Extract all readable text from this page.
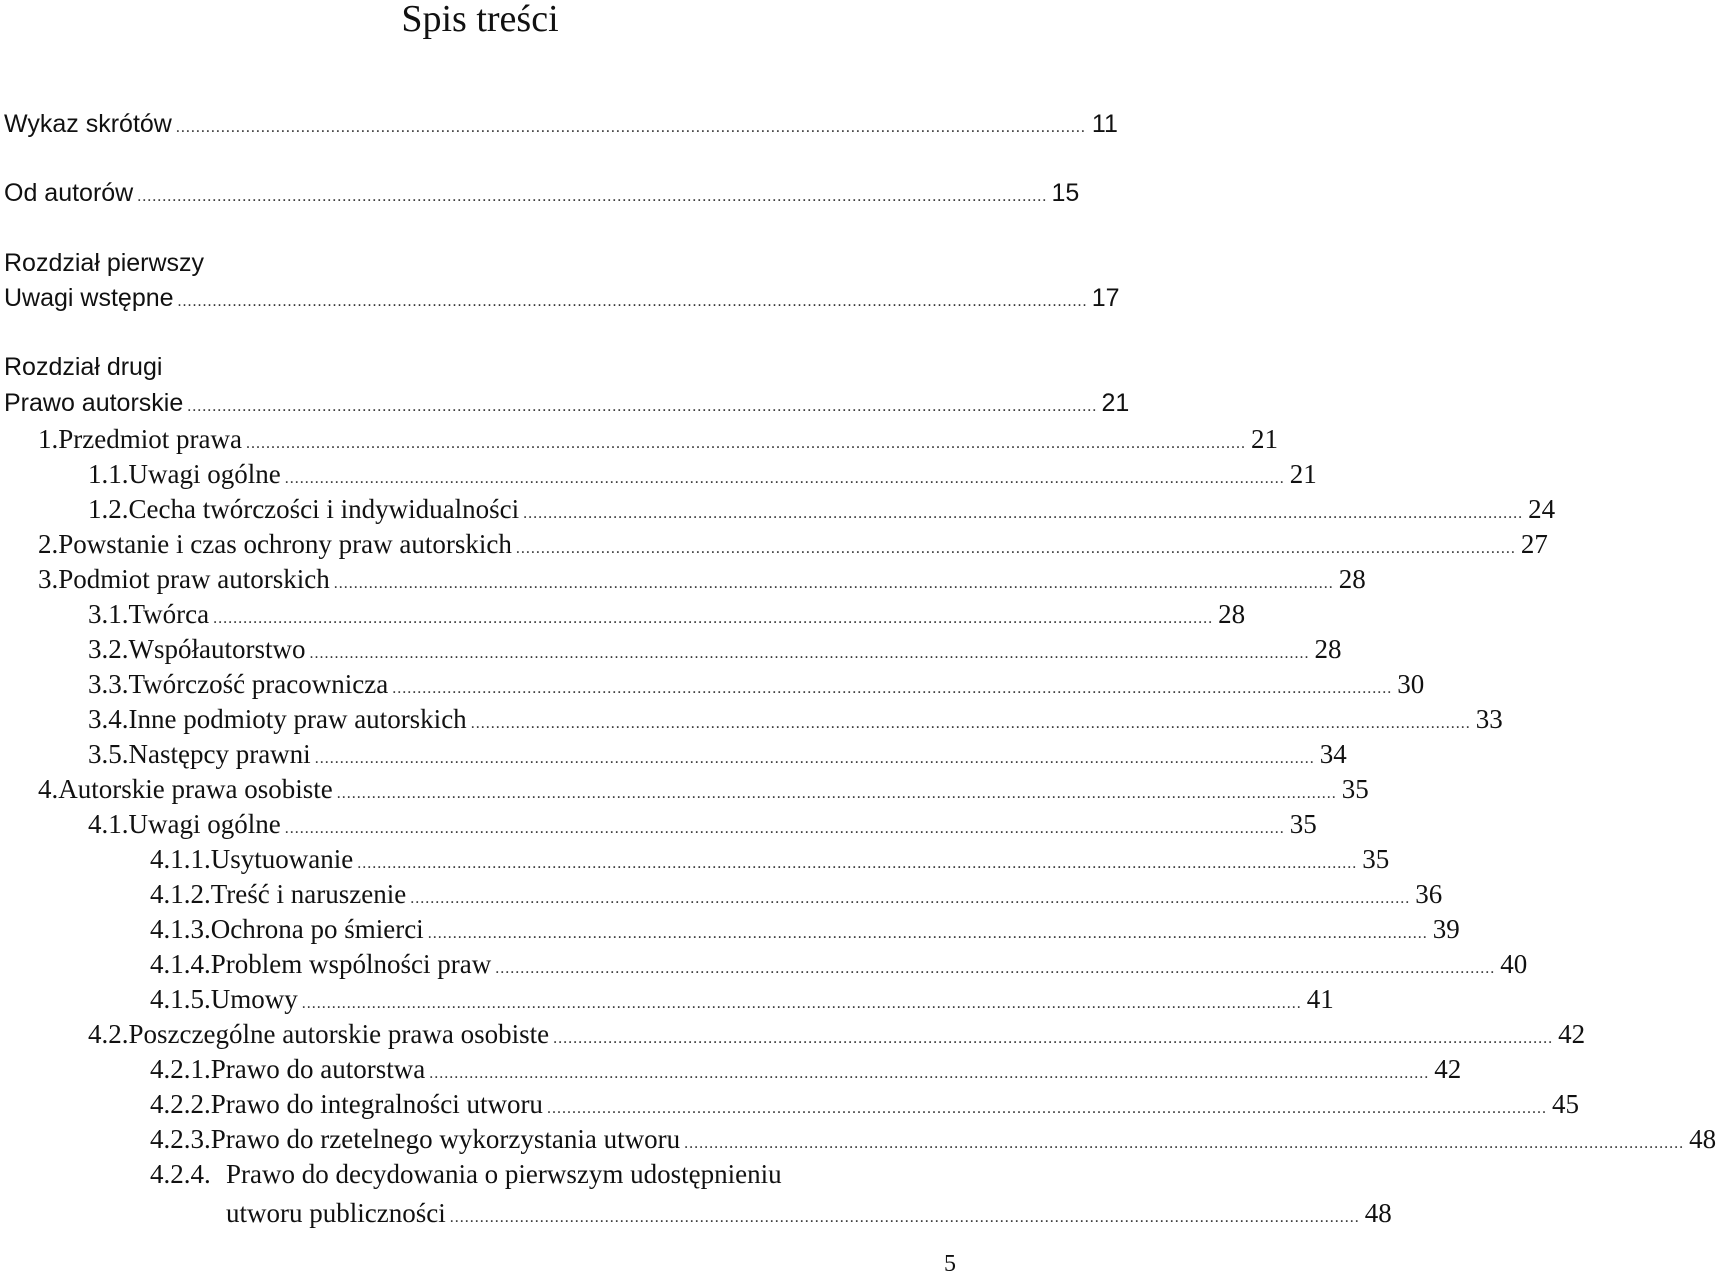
Spis treści
Wykaz skrótów ...................................................................................................................................................................................... 11
Od autorów ...................................................................................................................................................................................... 15
Rozdział pierwszy
Uwagi wstępne ...................................................................................................................................................................................... 17
Rozdział drugi
Prawo autorskie ...................................................................................................................................................................................... 21
1. Przedmiot prawa ........................................................................................................................................................................................................ 21
1.1. Uwagi ogólne ........................................................................................................................................................................................................ 21
1.2. Cecha twórczości i indywidualności ........................................................................................................................................................................................................ 24
2. Powstanie i czas ochrony praw autorskich ........................................................................................................................................................................................................ 27
3. Podmiot praw autorskich ........................................................................................................................................................................................................ 28
3.1. Twórca ........................................................................................................................................................................................................ 28
3.2. Współautorstwo ........................................................................................................................................................................................................ 28
3.3. Twórczość pracownicza ........................................................................................................................................................................................................ 30
3.4. Inne podmioty praw autorskich ........................................................................................................................................................................................................ 33
3.5. Następcy prawni ........................................................................................................................................................................................................ 34
4. Autorskie prawa osobiste ........................................................................................................................................................................................................ 35
4.1. Uwagi ogólne ........................................................................................................................................................................................................ 35
4.1.1. Usytuowanie ........................................................................................................................................................................................................ 35
4.1.2. Treść i naruszenie ........................................................................................................................................................................................................ 36
4.1.3. Ochrona po śmierci ........................................................................................................................................................................................................ 39
4.1.4. Problem wspólności praw ........................................................................................................................................................................................................ 40
4.1.5. Umowy ........................................................................................................................................................................................................ 41
4.2. Poszczególne autorskie prawa osobiste ........................................................................................................................................................................................................ 42
4.2.1. Prawo do autorstwa ........................................................................................................................................................................................................ 42
4.2.2. Prawo do integralności utworu ........................................................................................................................................................................................................ 45
4.2.3. Prawo do rzetelnego wykorzystania utworu ........................................................................................................................................................................................................ 48
4.2.4. Prawo do decydowania o pierwszym udostępnieniu
utworu publiczności ...................................................................................................................................................................................... 48
5
